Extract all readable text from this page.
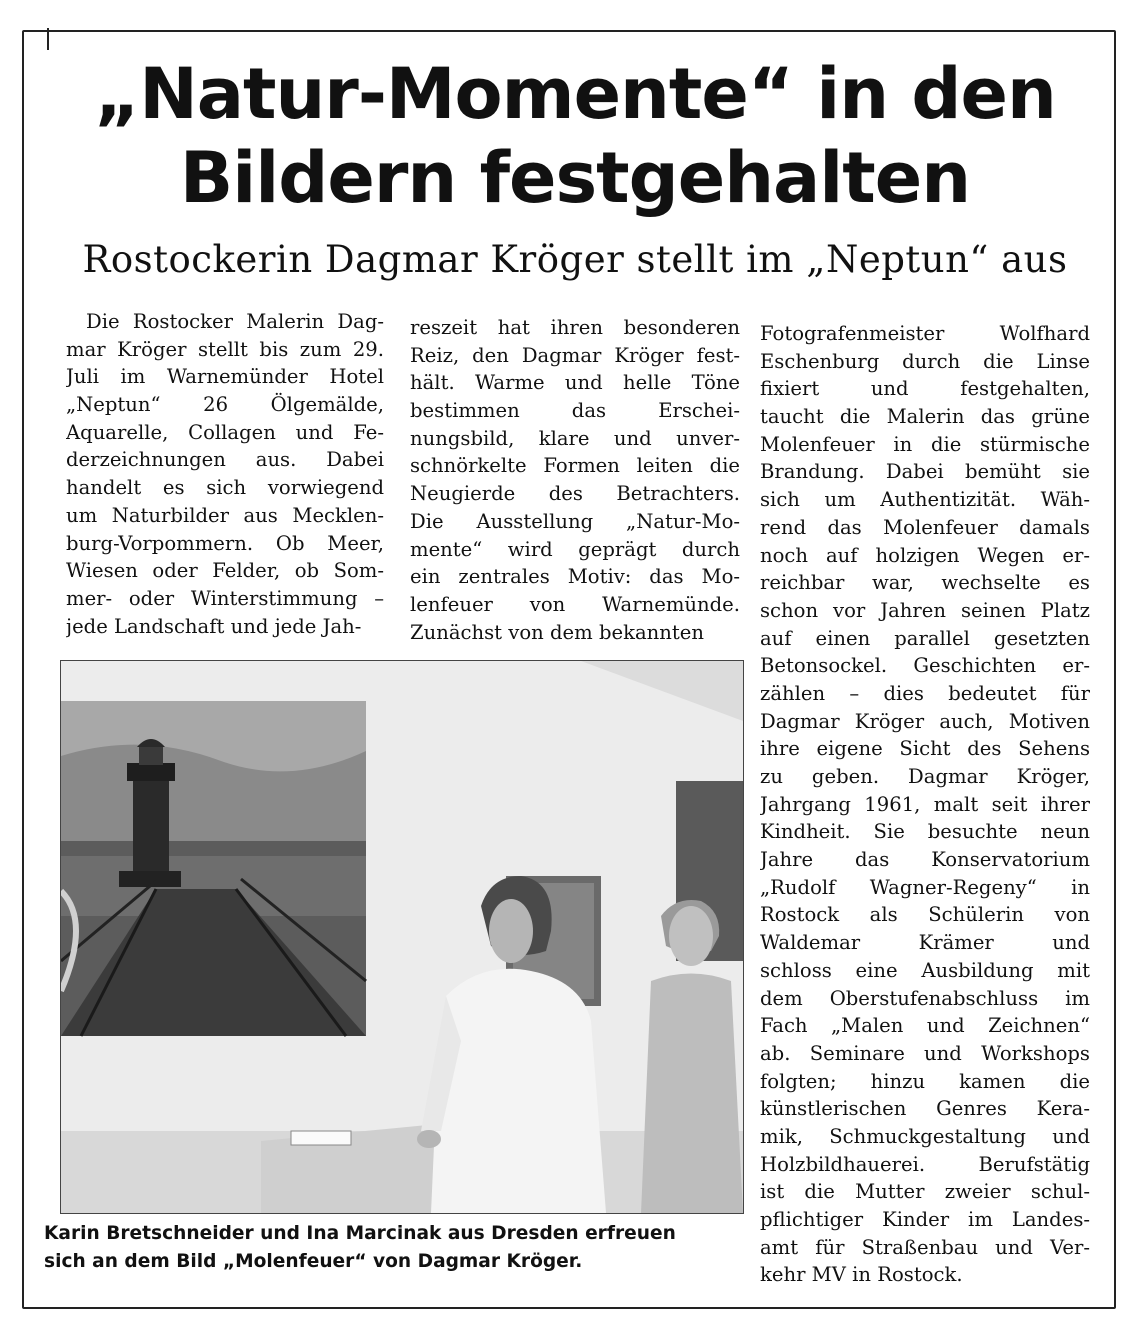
„Natur-Momente“ in den
Bildern festgehalten
Rostockerin Dagmar Kröger stellt im „Neptun“ aus
Die Rostocker Malerin Dag-
mar Kröger stellt bis zum 29.
Juli im Warnemünder Hotel
„Neptun“ 26 Ölgemälde,
Aquarelle, Collagen und Fe-
derzeichnungen aus. Dabei
handelt es sich vorwiegend
um Naturbilder aus Mecklen-
burg-Vorpommern. Ob Meer,
Wiesen oder Felder, ob Som-
mer- oder Winterstimmung –
jede Landschaft und jede Jah-
reszeit hat ihren besonderen
Reiz, den Dagmar Kröger fest-
hält. Warme und helle Töne
bestimmen das Erschei-
nungsbild, klare und unver-
schnörkelte Formen leiten die
Neugierde des Betrachters.
Die Ausstellung „Natur-Mo-
mente“ wird geprägt durch
ein zentrales Motiv: das Mo-
lenfeuer von Warnemünde.
Zunächst von dem bekannten
Fotografenmeister Wolfhard
Eschenburg durch die Linse
fixiert und festgehalten,
taucht die Malerin das grüne
Molenfeuer in die stürmische
Brandung. Dabei bemüht sie
sich um Authentizität. Wäh-
rend das Molenfeuer damals
noch auf holzigen Wegen er-
reichbar war, wechselte es
schon vor Jahren seinen Platz
auf einen parallel gesetzten
Betonsockel. Geschichten er-
zählen – dies bedeutet für
Dagmar Kröger auch, Motiven
ihre eigene Sicht des Sehens
zu geben. Dagmar Kröger,
Jahrgang 1961, malt seit ihrer
Kindheit. Sie besuchte neun
Jahre das Konservatorium
„Rudolf Wagner-Regeny“ in
Rostock als Schülerin von
Waldemar Krämer und
schloss eine Ausbildung mit
dem Oberstufenabschluss im
Fach „Malen und Zeichnen“
ab. Seminare und Workshops
folgten; hinzu kamen die
künstlerischen Genres Kera-
mik, Schmuckgestaltung und
Holzbildhauerei. Berufstätig
ist die Mutter zweier schul-
pflichtiger Kinder im Landes-
amt für Straßenbau und Ver-
kehr MV in Rostock.
Karin Bretschneider und Ina Marcinak aus Dresden erfreuen
sich an dem Bild „Molenfeuer“ von Dagmar Kröger.
